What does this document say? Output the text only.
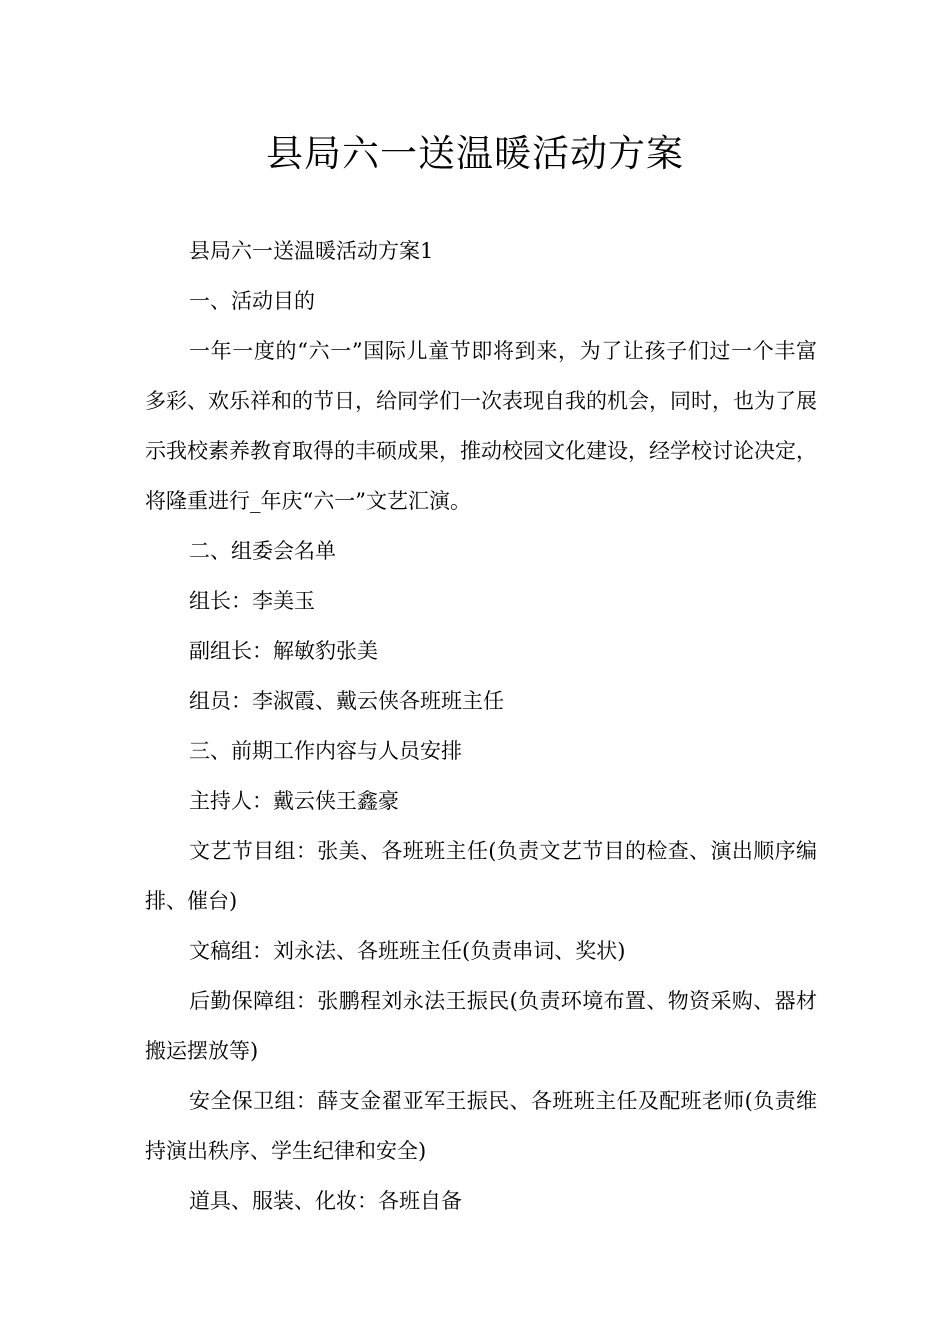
县局六一送温暖活动方案

县局六一送温暖活动方案1

一、活动目的

一年一度的“六一”国际儿童节即将到来，为了让孩子们过一个丰富多彩、欢乐祥和的节日，给同学们一次表现自我的机会，同时，也为了展示我校素养教育取得的丰硕成果，推动校园文化建设，经学校讨论决定，将隆重进行_年庆“六一”文艺汇演。

二、组委会名单

组长：李美玉

副组长：解敏豹张美

组员：李淑霞、戴云侠各班班主任

三、前期工作内容与人员安排

主持人：戴云侠王鑫豪

文艺节目组：张美、各班班主任(负责文艺节目的检查、演出顺序编排、催台)

文稿组：刘永法、各班班主任(负责串词、奖状)

后勤保障组：张鹏程刘永法王振民(负责环境布置、物资采购、器材搬运摆放等)

安全保卫组：薛支金翟亚军王振民、各班班主任及配班老师(负责维持演出秩序、学生纪律和安全)

道具、服装、化妆：各班自备
